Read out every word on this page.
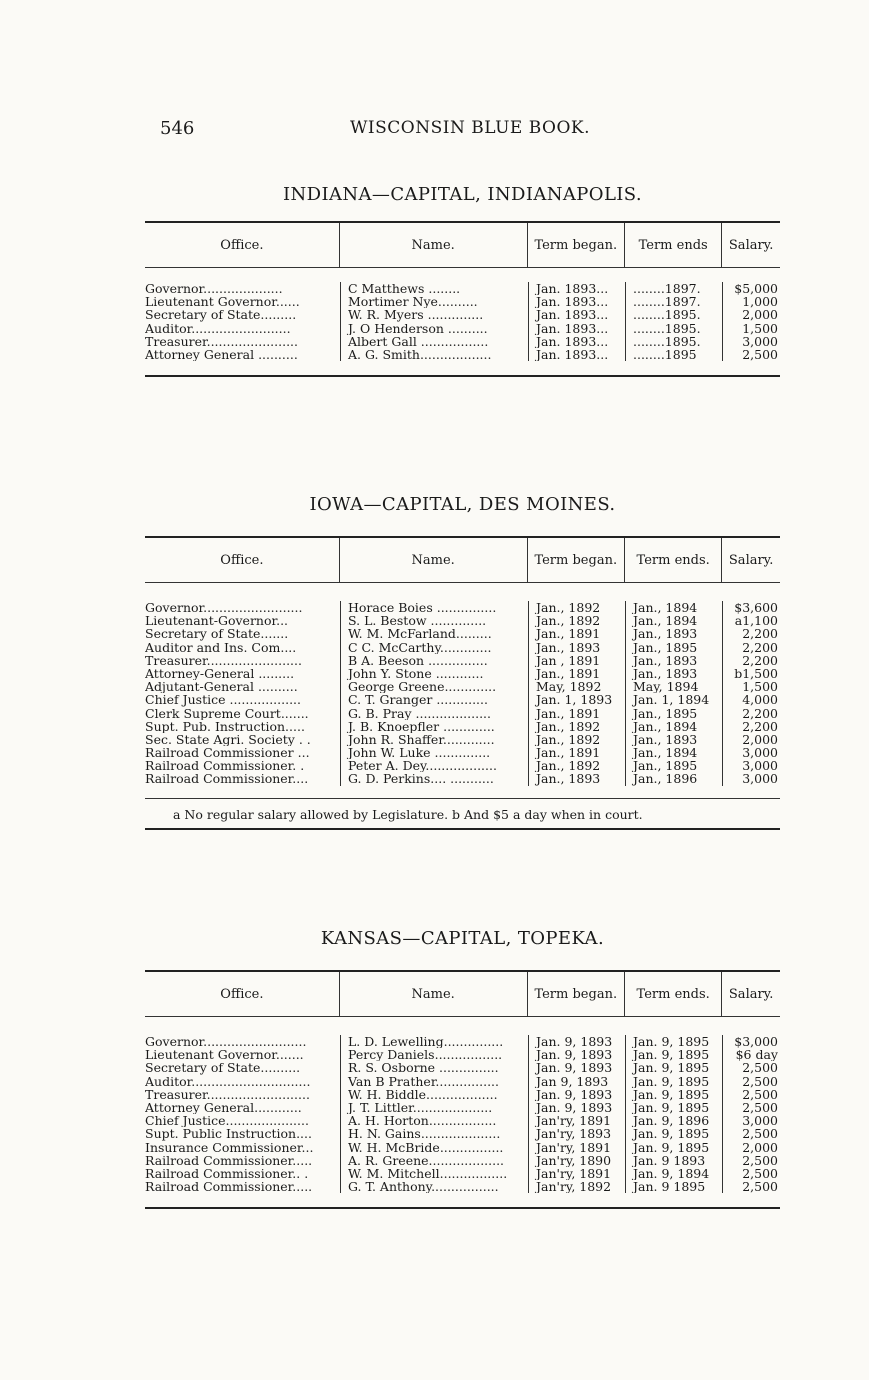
546	WISCONSIN BLUE BOOK.
INDIANA—CAPITAL, INDIANAPOLIS.
Office.	Name.	Term began.	Term ends	Salary.
Governor....................	C Matthews ........	Jan. 1893...	........1897.	$5,000
Lieutenant Governor......	Mortimer Nye..........	Jan. 1893...	........1897.	1,000
Secretary of State.........	W. R. Myers ..............	Jan. 1893...	........1895.	2,000
Auditor.........................	J. O Henderson ..........	Jan. 1893...	........1895.	1,500
Treasurer.......................	Albert Gall .................	Jan. 1893...	........1895.	3,000
Attorney General ..........	A. G. Smith..................	Jan. 1893...	........1895	2,500
IOWA—CAPITAL, DES MOINES.
Office.	Name.	Term began.	Term ends.	Salary.
Governor.........................	Horace Boies ...............	Jan., 1892	Jan., 1894	$3,600
Lieutenant-Governor...	S. L. Bestow ..............	Jan., 1892	Jan., 1894	a1,100
Secretary of State.......	W. M. McFarland.........	Jan., 1891	Jan., 1893	2,200
Auditor and Ins. Com....	C C. McCarthy.............	Jan., 1893	Jan., 1895	2,200
Treasurer........................	B A. Beeson ...............	Jan , 1891	Jan., 1893	2,200
Attorney-General .........	John Y. Stone ............	Jan., 1891	Jan., 1893	b1,500
Adjutant-General ..........	George Greene.............	May, 1892	May, 1894	1,500
Chief Justice ..................	C. T. Granger .............	Jan. 1, 1893	Jan. 1, 1894	4,000
Clerk Supreme Court.......	G. B. Pray ...................	Jan., 1891	Jan., 1895	2,200
Supt. Pub. Instruction.....	J. B. Knoepfler .............	Jan., 1892	Jan., 1894	2,200
Sec. State Agri. Society . .	John R. Shaffer.............	Jan., 1892	Jan., 1893	2,000
Railroad Commissioner ...	John W. Luke ..............	Jan., 1891	Jan., 1894	3,000
Railroad Commissioner. .	Peter A. Dey..................	Jan., 1892	Jan., 1895	3,000
Railroad Commissioner....	G. D. Perkins.... ...........	Jan., 1893	Jan., 1896	3,000
a No regular salary allowed by Legislature. b And $5 a day when in court.
KANSAS—CAPITAL, TOPEKA.
Office.	Name.	Term began.	Term ends.	Salary.
Governor..........................	L. D. Lewelling...............	Jan. 9, 1893	Jan. 9, 1895	$3,000
Lieutenant Governor.......	Percy Daniels.................	Jan. 9, 1893	Jan. 9, 1895	$6 day
Secretary of State..........	R. S. Osborne ...............	Jan. 9, 1893	Jan. 9, 1895	2,500
Auditor..............................	Van B Prather................	Jan 9, 1893	Jan. 9, 1895	2,500
Treasurer..........................	W. H. Biddle..................	Jan. 9, 1893	Jan. 9, 1895	2,500
Attorney General............	J. T. Littler....................	Jan. 9, 1893	Jan. 9, 1895	2,500
Chief Justice.....................	A. H. Horton.................	Jan'ry, 1891	Jan. 9, 1896	3,000
Supt. Public Instruction....	H. N. Gains....................	Jan'ry, 1893	Jan. 9, 1895	2,500
Insurance Commissioner...	W. H. McBride................	Jan'ry, 1891	Jan. 9, 1895	2,000
Railroad Commissioner.....	A. R. Greene...................	Jan'ry, 1890	Jan. 9 1893	2,500
Railroad Commissioner.. .	W. M. Mitchell.................	Jan'ry, 1891	Jan. 9, 1894	2,500
Railroad Commissioner.....	G. T. Anthony.................	Jan'ry, 1892	Jan. 9 1895	2,500
